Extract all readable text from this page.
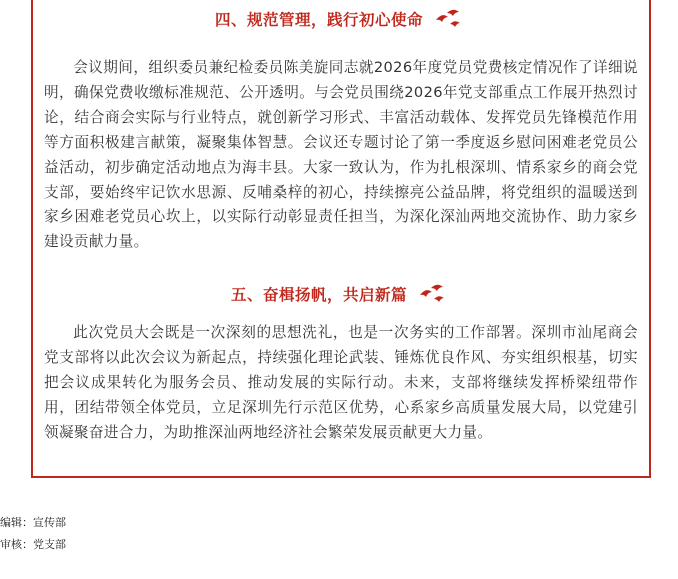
四、规范管理，践行初心使命

会议期间，组织委员兼纪检委员陈美旋同志就2026年度党员党费核定情况作了详细说明，确保党费收缴标准规范、公开透明。与会党员围绕2026年党支部重点工作展开热烈讨论，结合商会实际与行业特点，就创新学习形式、丰富活动载体、发挥党员先锋模范作用等方面积极建言献策，凝聚集体智慧。会议还专题讨论了第一季度返乡慰问困难老党员公益活动，初步确定活动地点为海丰县。大家一致认为，作为扎根深圳、情系家乡的商会党支部，要始终牢记饮水思源、反哺桑梓的初心，持续擦亮公益品牌，将党组织的温暖送到家乡困难老党员心坎上，以实际行动彰显责任担当，为深化深汕两地交流协作、助力家乡建设贡献力量。

五、奋楫扬帆，共启新篇

此次党员大会既是一次深刻的思想洗礼，也是一次务实的工作部署。深圳市汕尾商会党支部将以此次会议为新起点，持续强化理论武装、锤炼优良作风、夯实组织根基，切实把会议成果转化为服务会员、推动发展的实际行动。未来，支部将继续发挥桥梁纽带作用，团结带领全体党员，立足深圳先行示范区优势，心系家乡高质量发展大局，以党建引领凝聚奋进合力，为助推深汕两地经济社会繁荣发展贡献更大力量。

编辑：宣传部
审核：党支部
